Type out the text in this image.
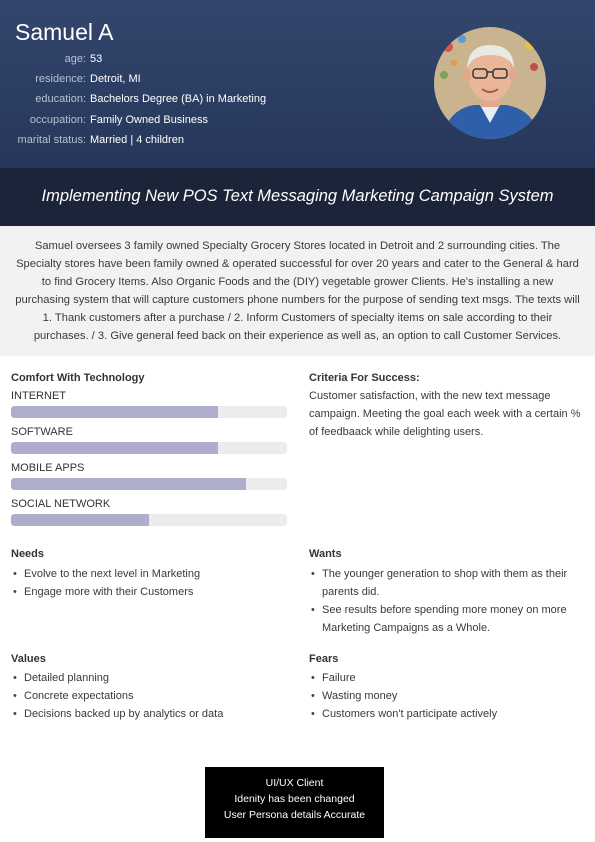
Samuel A
age: 53
residence: Detroit, MI
education: Bachelors Degree (BA) in Marketing
occupation: Family Owned Business
marital status: Married | 4 children
Implementing New POS Text Messaging Marketing Campaign System
Samuel oversees 3 family owned Specialty Grocery Stores located in Detroit and 2 surrounding cities. The Specialty stores have been family owned & operated successful for over 20 years and cater to the General & hard to find Grocery Items. Also Organic Foods and the (DIY) vegetable grower Clients. He's installing a new purchasing system that will capture customers phone numbers for the purpose of sending text msgs. The texts will 1. Thank customers after a purchase / 2. Inform Customers of specialty items on sale according to their purchases. / 3. Give general feed back on their experience as well as, an option to call Customer Services.
Comfort With Technology
INTERNET
SOFTWARE
MOBILE APPS
SOCIAL NETWORK
Criteria For Success:
Customer satisfaction, with the new text message campaign. Meeting the goal each week with a certain % of feedbaack while delighting users.
Needs
• Evolve to the next level in Marketing
• Engage more with their Customers
Wants
• The younger generation to shop with them as their parents did.
• See results before spending more money on more Marketing Campaigns as a Whole.
Values
• Detailed planning
• Concrete expectations
• Decisions backed up by analytics or data
Fears
• Failure
• Wasting money
• Customers won't participate actively
UI/UX Client
Idenity has been changed
User Persona details Accurate
